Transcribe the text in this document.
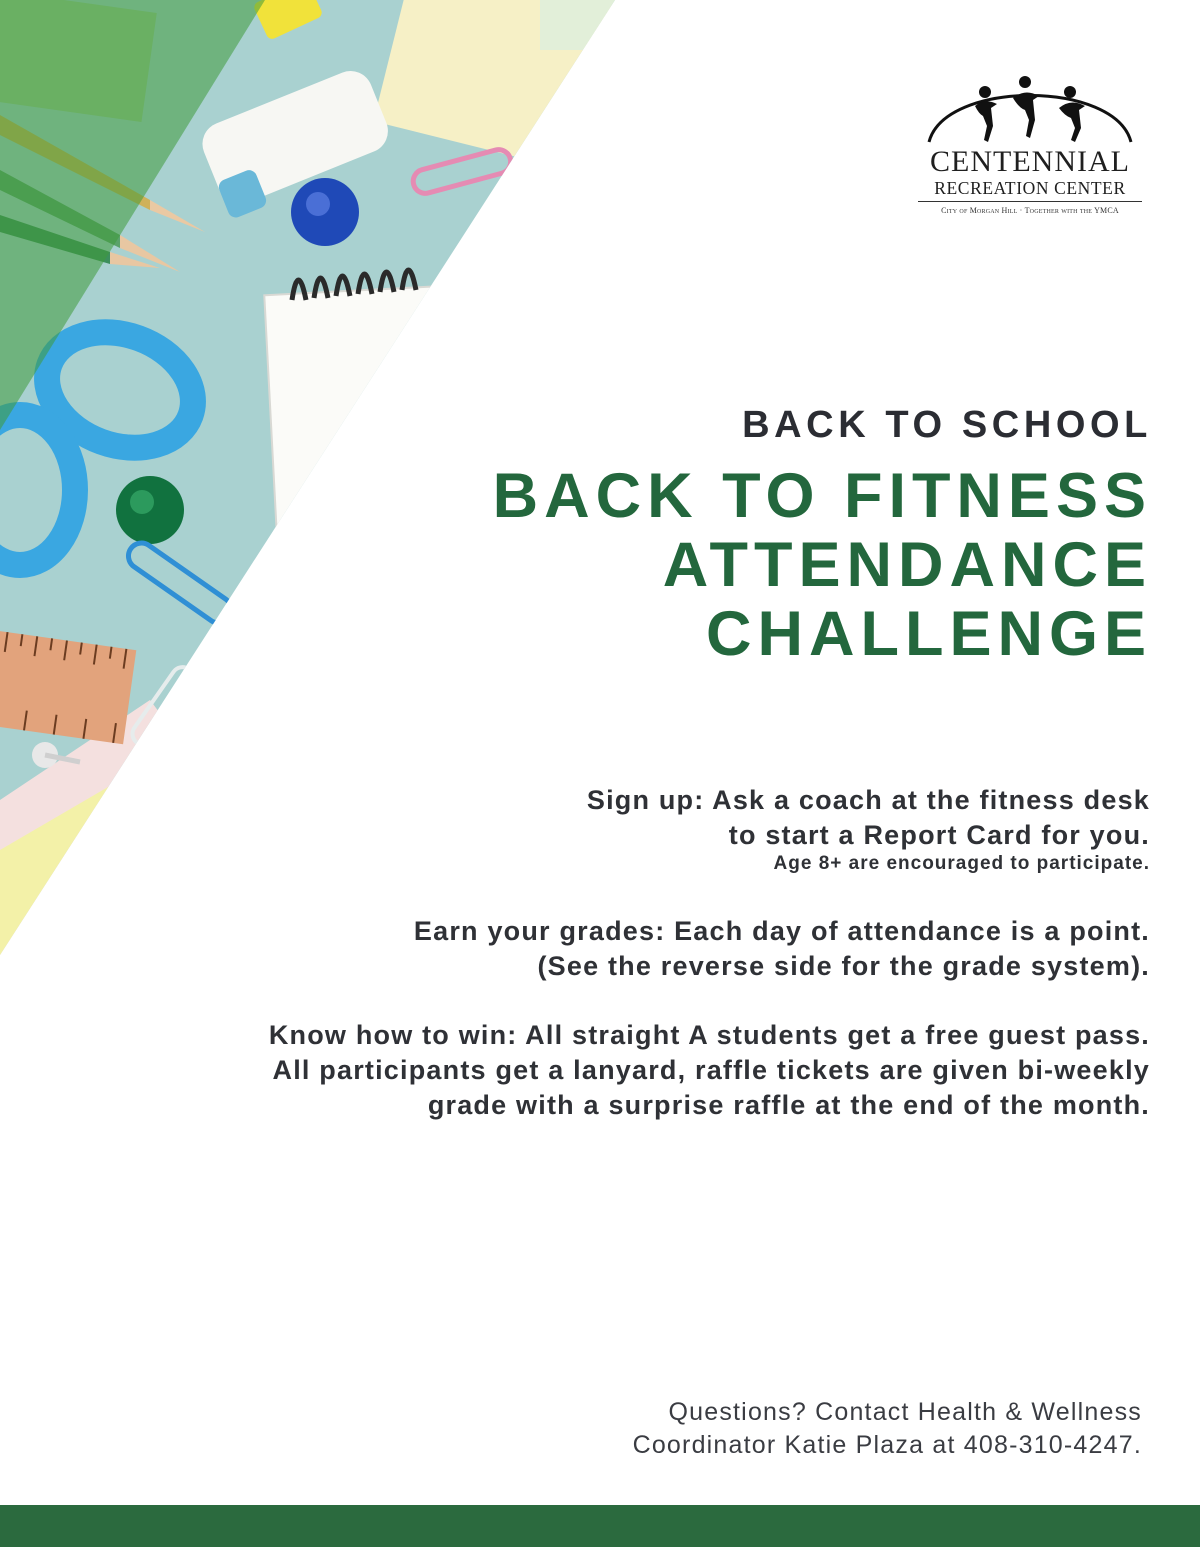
CENTENNIAL
RECREATION CENTER
City of Morgan Hill · Together with the YMCA
BACK TO SCHOOL
BACK TO FITNESS
ATTENDANCE
CHALLENGE
Sign up: Ask a coach at the fitness desk
to start a Report Card for you.
Age 8+ are encouraged to participate.
Earn your grades: Each day of attendance is a point.
(See the reverse side for the grade system).
Know how to win: All straight A students get a free guest pass.
All participants get a lanyard, raffle tickets are given bi-weekly
grade with a surprise raffle at the end of the month.
Questions? Contact Health & Wellness
Coordinator Katie Plaza at 408-310-4247.
